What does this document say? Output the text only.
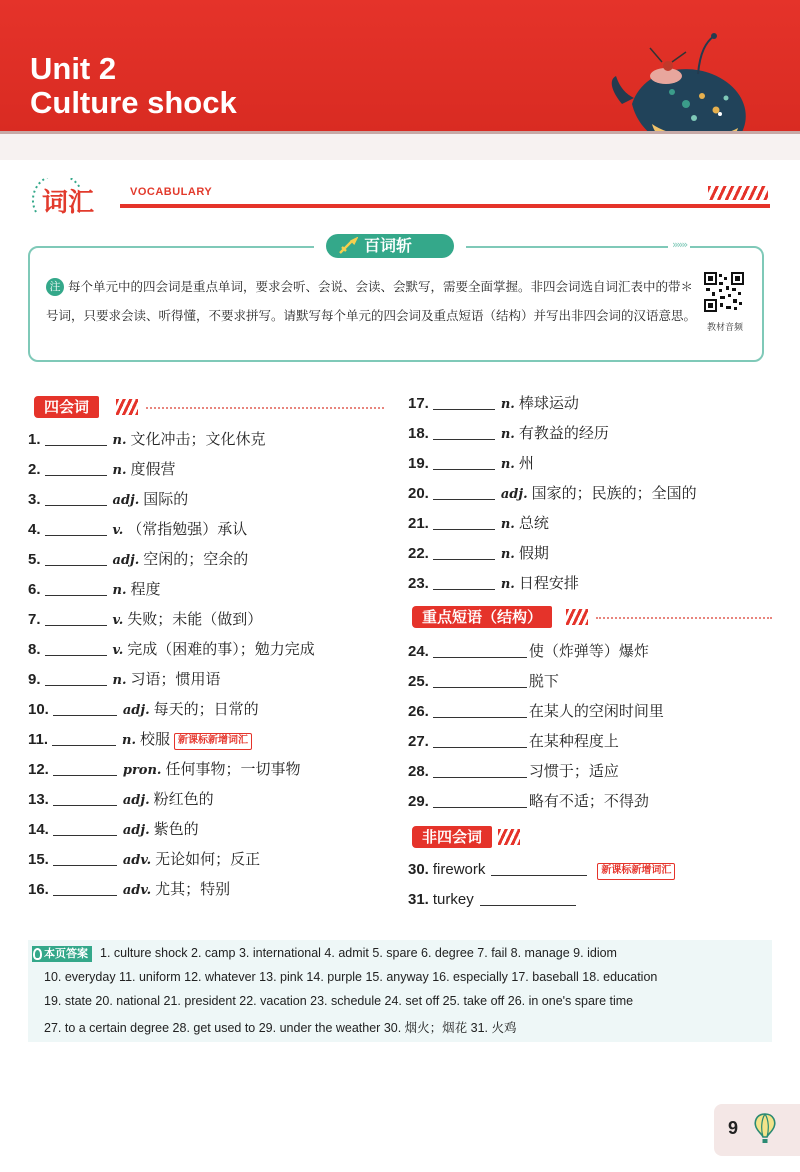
Unit 2
Culture shock
词汇	VOCABULARY
百词斩	»»»
注 每个单元中的四会词是重点单词，要求会听、会说、会读、会默写，需要全面掌握。非四会词选自词汇表中的带＊号词，只要求会读、听得懂，不要求拼写。请默写每个单元的四会词及重点短语（结构）并写出非四会词的汉语意思。
教材音频
四会词
1.	n. 文化冲击；文化休克
2.	n. 度假营
3.	adj. 国际的
4.	v. （常指勉强）承认
5.	adj. 空闲的；空余的
6.	n. 程度
7.	v. 失败；未能（做到）
8.	v. 完成（困难的事）；勉力完成
9.	n. 习语；惯用语
10.	adj. 每天的；日常的
11.	n. 校服 新课标新增词汇
12.	pron. 任何事物；一切事物
13.	adj. 粉红色的
14.	adj. 紫色的
15.	adv. 无论如何；反正
16.	adv. 尤其；特别
17.	n. 棒球运动
18.	n. 有教益的经历
19.	n. 州
20.	adj. 国家的；民族的；全国的
21.	n. 总统
22.	n. 假期
23.	n. 日程安排
重点短语（结构）
24.	使（炸弹等）爆炸
25.	脱下
26.	在某人的空闲时间里
27.	在某种程度上
28.	习惯于；适应
29.	略有不适；不得劲
非四会词
30. firework	新课标新增词汇
31. turkey
本页答案 1. culture shock 2. camp 3. international 4. admit 5. spare 6. degree 7. fail 8. manage 9. idiom
10. everyday 11. uniform 12. whatever 13. pink 14. purple 15. anyway 16. especially 17. baseball 18. education
19. state 20. national 21. president 22. vacation 23. schedule 24. set off 25. take off 26. in one's spare time
27. to a certain degree 28. get used to 29. under the weather 30. 烟火；烟花 31. 火鸡
9
